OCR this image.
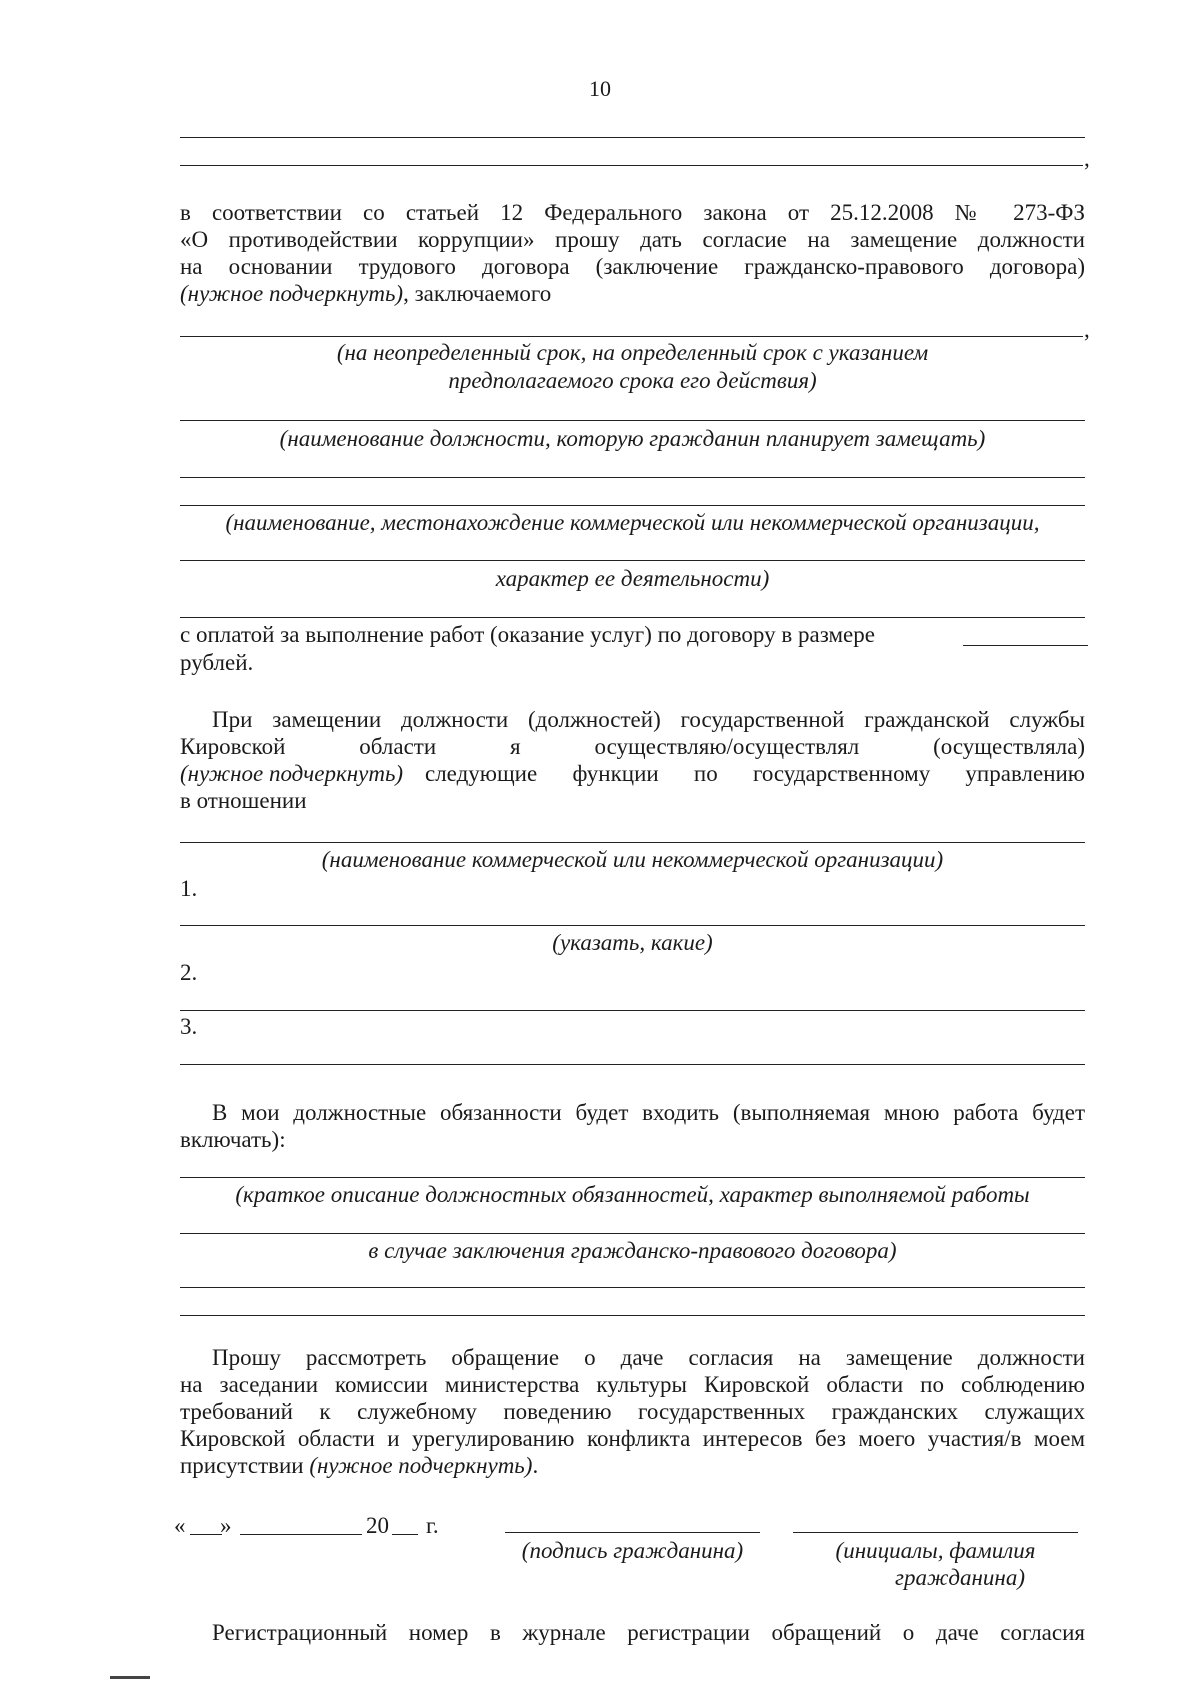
10
,
в соответствии со статьей 12 Федерального закона от 25.12.2008 № 273-ФЗ
«О противодействии коррупции» прошу дать согласие на замещение должности
на основании трудового договора (заключение гражданско-правового договора)
(нужное подчеркнуть), заключаемого
,
(на неопределенный срок, на определенный срок с указанием
предполагаемого срока его действия)
(наименование должности, которую гражданин планирует замещать)
(наименование, местонахождение коммерческой или некоммерческой организации,
характер ее деятельности)
с оплатой за выполнение работ (оказание услуг) по договору в размере
рублей.
При замещении должности (должностей) государственной гражданской службы
Кировской	области	я	осуществляю/осуществлял	(осуществляла)
(нужное подчеркнуть) следующие функции по государственному управлению
в отношении
(наименование коммерческой или некоммерческой организации)
1.
(указать, какие)
2.
3.
В мои должностные обязанности будет входить (выполняемая мною работа будет
включать):
(краткое описание должностных обязанностей, характер выполняемой работы
в случае заключения гражданско-правового договора)
Прошу рассмотреть обращение о даче согласия на замещение должности
на заседании комиссии министерства культуры Кировской области по соблюдению
требований к служебному поведению государственных гражданских служащих
Кировской области и урегулированию конфликта интересов без моего участия/в моем
присутствии (нужное подчеркнуть).
« »	20 г.
(подпись гражданина)	(инициалы, фамилия
гражданина)
Регистрационный номер в журнале регистрации обращений о даче согласия
